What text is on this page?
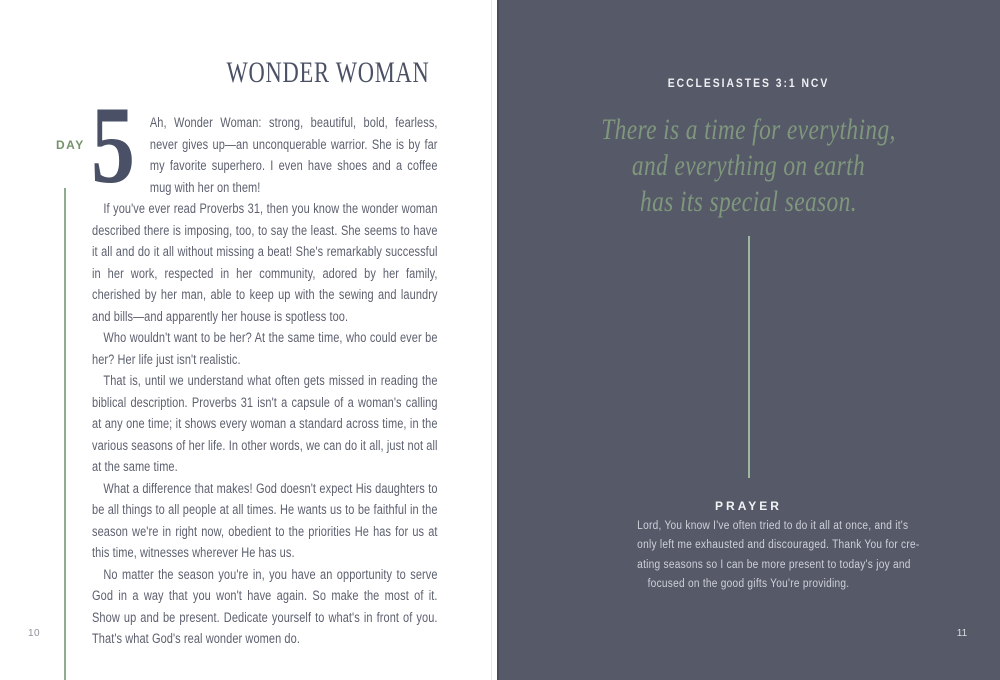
WONDER WOMAN
DAY 5 Ah, Wonder Woman: strong, beautiful, bold, fearless, never gives up—an unconquerable warrior. She is by far my favorite superhero. I even have shoes and a coffee mug with her on them!

If you've ever read Proverbs 31, then you know the wonder woman described there is imposing, too, to say the least. She seems to have it all and do it all without missing a beat! She's remarkably successful in her work, respected in her community, adored by her family, cherished by her man, able to keep up with the sewing and laundry and bills—and apparently her house is spotless too.

Who wouldn't want to be her? At the same time, who could ever be her? Her life just isn't realistic.

That is, until we understand what often gets missed in reading the biblical description. Proverbs 31 isn't a capsule of a woman's calling at any one time; it shows every woman a standard across time, in the various seasons of her life. In other words, we can do it all, just not all at the same time.

What a difference that makes! God doesn't expect His daughters to be all things to all people at all times. He wants us to be faithful in the season we're in right now, obedient to the priorities He has for us at this time, witnesses wherever He has us.

No matter the season you're in, you have an opportunity to serve God in a way that you won't have again. So make the most of it. Show up and be present. Dedicate yourself to what's in front of you. That's what God's real wonder women do.

10
ECCLESIASTES 3:1 NCV
There is a time for everything,
and everything on earth
has its special season.
PRAYER
Lord, You know I've often tried to do it all at once, and it's
only left me exhausted and discouraged. Thank You for cre-
ating seasons so I can be more present to today's joy and
focused on the good gifts You're providing.
11
